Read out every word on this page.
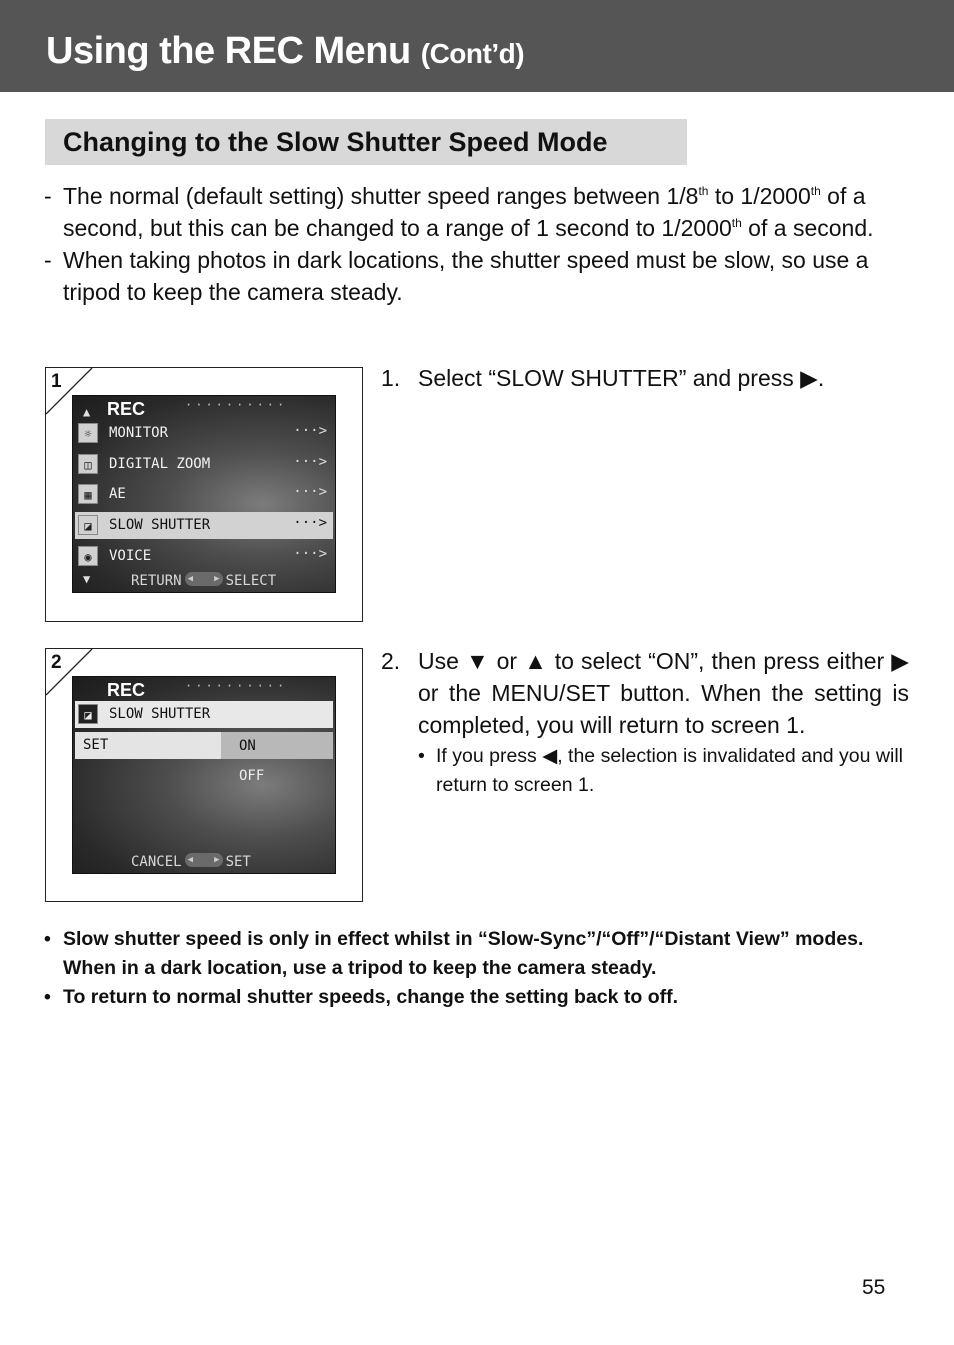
Using the REC Menu (Cont’d)
Changing to the Slow Shutter Speed Mode
- The normal (default setting) shutter speed ranges between 1/8th to 1/2000th of a second, but this can be changed to a range of 1 second to 1/2000th of a second.
- When taking photos in dark locations, the shutter speed must be slow, so use a tripod to keep the camera steady.
1
▲ REC	··········
☼	MONITOR	···>
◫	DIGITAL ZOOM	···>
▦	AE	···>
◪	SLOW SHUTTER	···>
◉	VOICE	···>
▼	RETURN ◀ ▶ SELECT
1. Select “SLOW SHUTTER” and press ▶.
2
REC	··········
◪	SLOW SHUTTER
SET	ON
OFF
CANCEL ◀ ▶ SET
2. Use ▼ or ▲ to select “ON”, then press either ▶ or the MENU/SET button. When the setting is completed, you will return to screen 1.
• If you press ◀, the selection is invalidated and you will return to screen 1.
• Slow shutter speed is only in effect whilst in “Slow-Sync”/“Off”/“Distant View” modes. When in a dark location, use a tripod to keep the camera steady.
• To return to normal shutter speeds, change the setting back to off.
55
